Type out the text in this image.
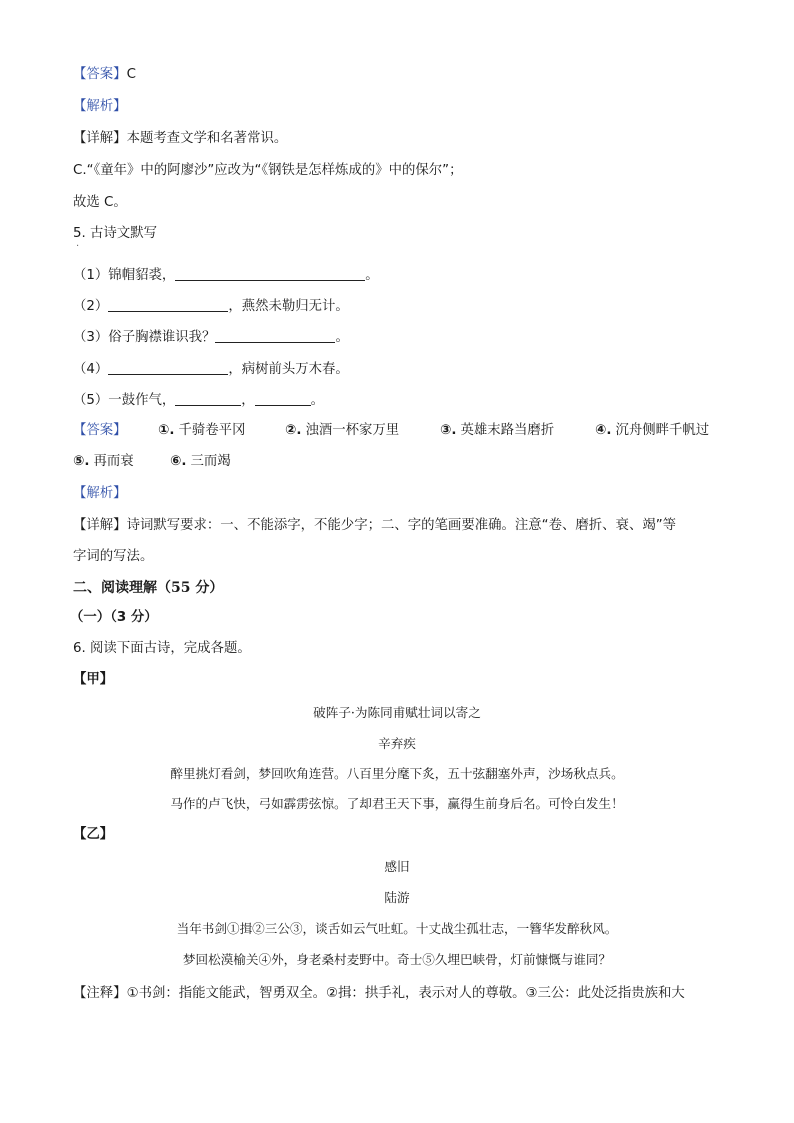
【答案】C
【解析】
【详解】本题考查文学和名著常识。
C.“《童年》中的阿廖沙”应改为“《钢铁是怎样炼成的》中的保尔”；
故选 C。
5. 古诗文默写
·
（1）锦帽貂裘，	。
（2）	，燕然未勒归无计。
（3）俗子胸襟谁识我？	。
（4）	，病树前头万木春。
（5）一鼓作气，	，	。
【答案】 ①. 千骑卷平冈	②. 浊酒一杯家万里	③. 英雄末路当磨折	④. 沉舟侧畔千帆过
⑤. 再而衰	⑥. 三而竭
【解析】
【详解】诗词默写要求：一、不能添字，不能少字；二、字的笔画要准确。注意“卷、磨折、衰、竭”等
字词的写法。
二、阅读理解（55 分）
（一）（3 分）
6. 阅读下面古诗，完成各题。
【甲】
破阵子·为陈同甫赋壮词以寄之
辛弃疾
醉里挑灯看剑，梦回吹角连营。八百里分麾下炙，五十弦翻塞外声，沙场秋点兵。
马作的卢飞快，弓如霹雳弦惊。了却君王天下事，赢得生前身后名。可怜白发生！
【乙】
感旧
陆游
当年书剑①揖②三公③，谈舌如云气吐虹。十丈战尘孤壮志，一簪华发醉秋风。
梦回松漠榆关④外，身老桑村麦野中。奇士⑤久埋巴峡骨，灯前慷慨与谁同？
【注释】①书剑：指能文能武，智勇双全。②揖：拱手礼，表示对人的尊敬。③三公：此处泛指贵族和大
